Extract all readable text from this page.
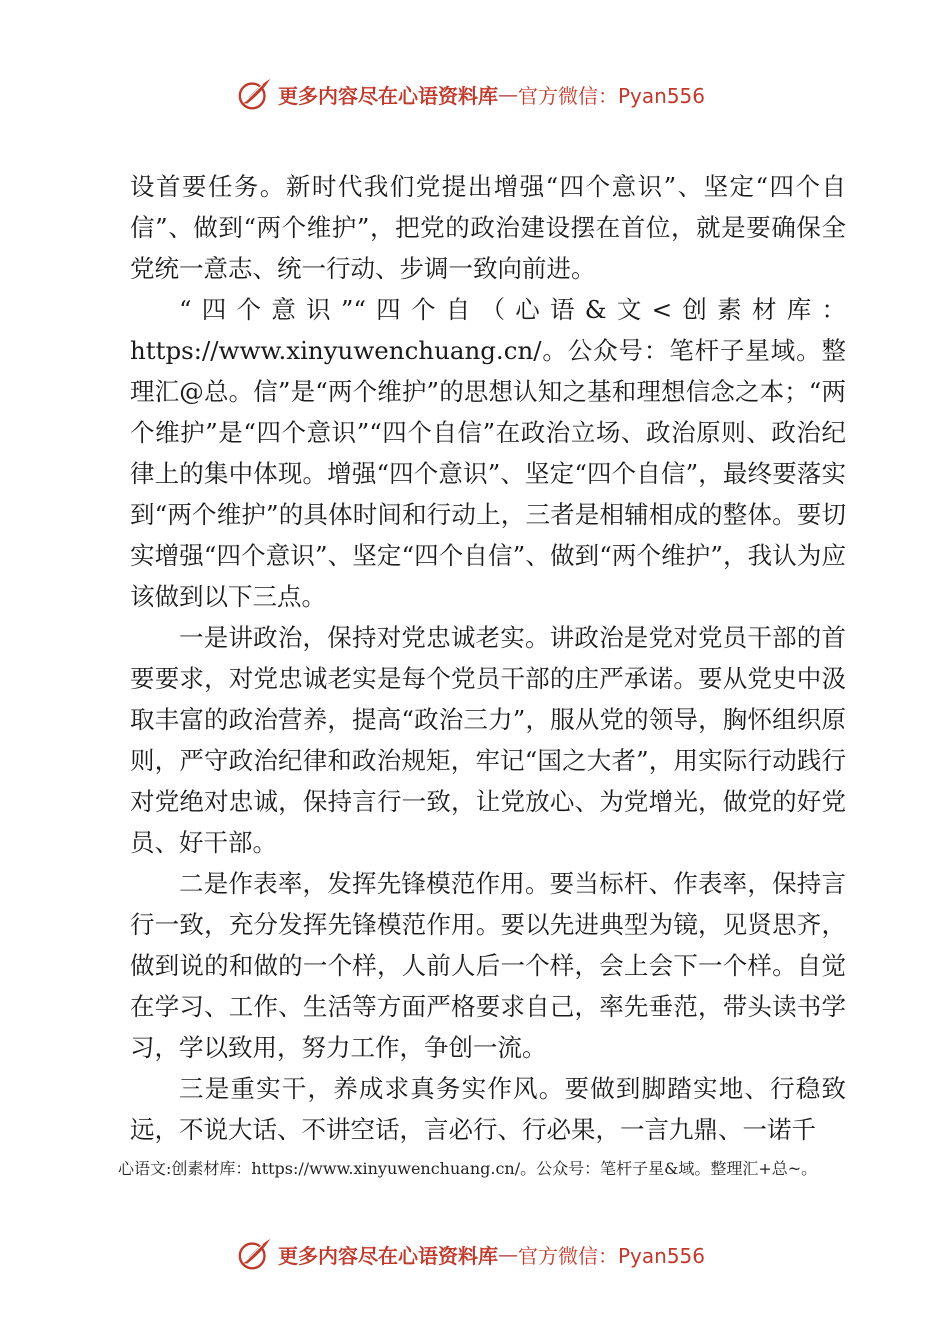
更多内容尽在心语资料库 — 官方微信：Pyan556

设首要任务。新时代我们党提出增强“四个意识”、坚定“四个自信”、做到“两个维护”，把党的政治建设摆在首位，就是要确保全党统一意志、统一行动、步调一致向前进。

“四个意识”“四个自（心语&文<创素材库：https://www.xinyuwenchuang.cn/。公众号：笔杆子星域。整理汇@总。信”是“两个维护”的思想认知之基和理想信念之本；“两个维护”是“四个意识”“四个自信”在政治立场、政治原则、政治纪律上的集中体现。增强“四个意识”、坚定“四个自信”，最终要落实到“两个维护”的具体时间和行动上，三者是相辅相成的整体。要切实增强“四个意识”、坚定“四个自信”、做到“两个维护”，我认为应该做到以下三点。

一是讲政治，保持对党忠诚老实。讲政治是党对党员干部的首要要求，对党忠诚老实是每个党员干部的庄严承诺。要从党史中汲取丰富的政治营养，提高“政治三力”，服从党的领导，胸怀组织原则，严守政治纪律和政治规矩，牢记“国之大者”，用实际行动践行对党绝对忠诚，保持言行一致，让党放心、为党增光，做党的好党员、好干部。

二是作表率，发挥先锋模范作用。要当标杆、作表率，保持言行一致，充分发挥先锋模范作用。要以先进典型为镜，见贤思齐，做到说的和做的一个样，人前人后一个样，会上会下一个样。自觉在学习、工作、生活等方面严格要求自己，率先垂范，带头读书学习，学以致用，努力工作，争创一流。

三是重实干，养成求真务实作风。要做到脚踏实地、行稳致远，不说大话、不讲空话，言必行、行必果，一言九鼎、一诺千

心语文:创素材库：https://www.xinyuwenchuang.cn/。公众号：笔杆子星&域。整理汇+总~。
更多内容尽在心语资料库 — 官方微信：Pyan556
